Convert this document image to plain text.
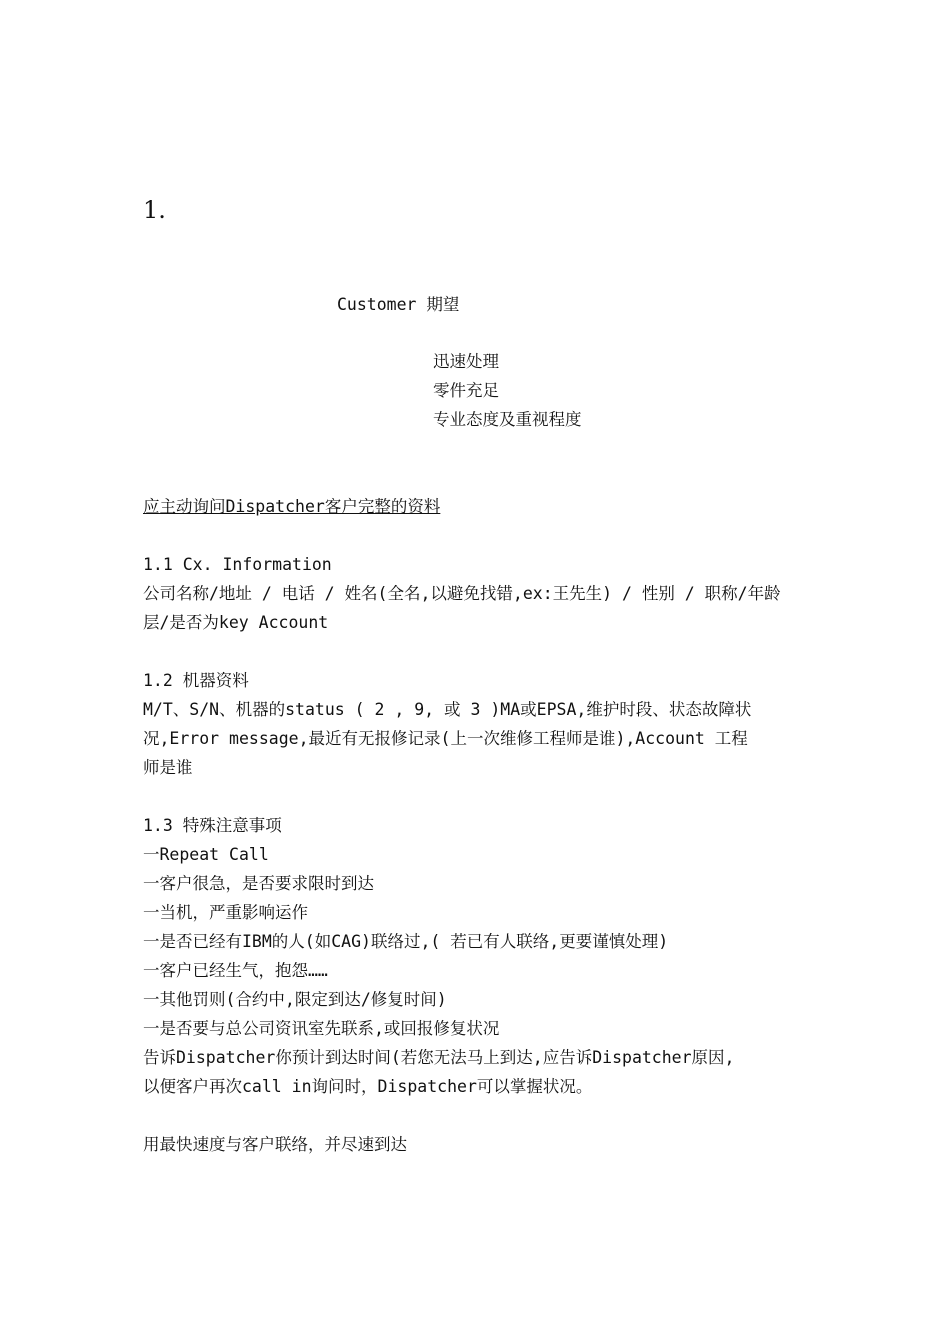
1.
Customer 期望
迅速处理
零件充足
专业态度及重视程度
应主动询问Dispatcher客户完整的资料
1.1 Cx. Information
公司名称/地址 / 电话 / 姓名(全名,以避免找错,ex:王先生) / 性别 / 职称/年龄
层/是否为key Account
1.2 机器资料
M/T、S/N、机器的status ( 2 , 9, 或 3 )MA或EPSA,维护时段、状态故障状
况,Error message,最近有无报修记录(上一次维修工程师是谁),Account 工程
师是谁
1.3 特殊注意事项
一Repeat Call
一客户很急，是否要求限时到达
一当机，严重影响运作
一是否已经有IBM的人(如CAG)联络过,( 若已有人联络,更要谨慎处理)
一客户已经生气，抱怨……
一其他罚则(合约中,限定到达/修复时间)
一是否要与总公司资讯室先联系,或回报修复状况
告诉Dispatcher你预计到达时间(若您无法马上到达,应告诉Dispatcher原因,
以便客户再次call in询问时，Dispatcher可以掌握状况。
用最快速度与客户联络，并尽速到达
